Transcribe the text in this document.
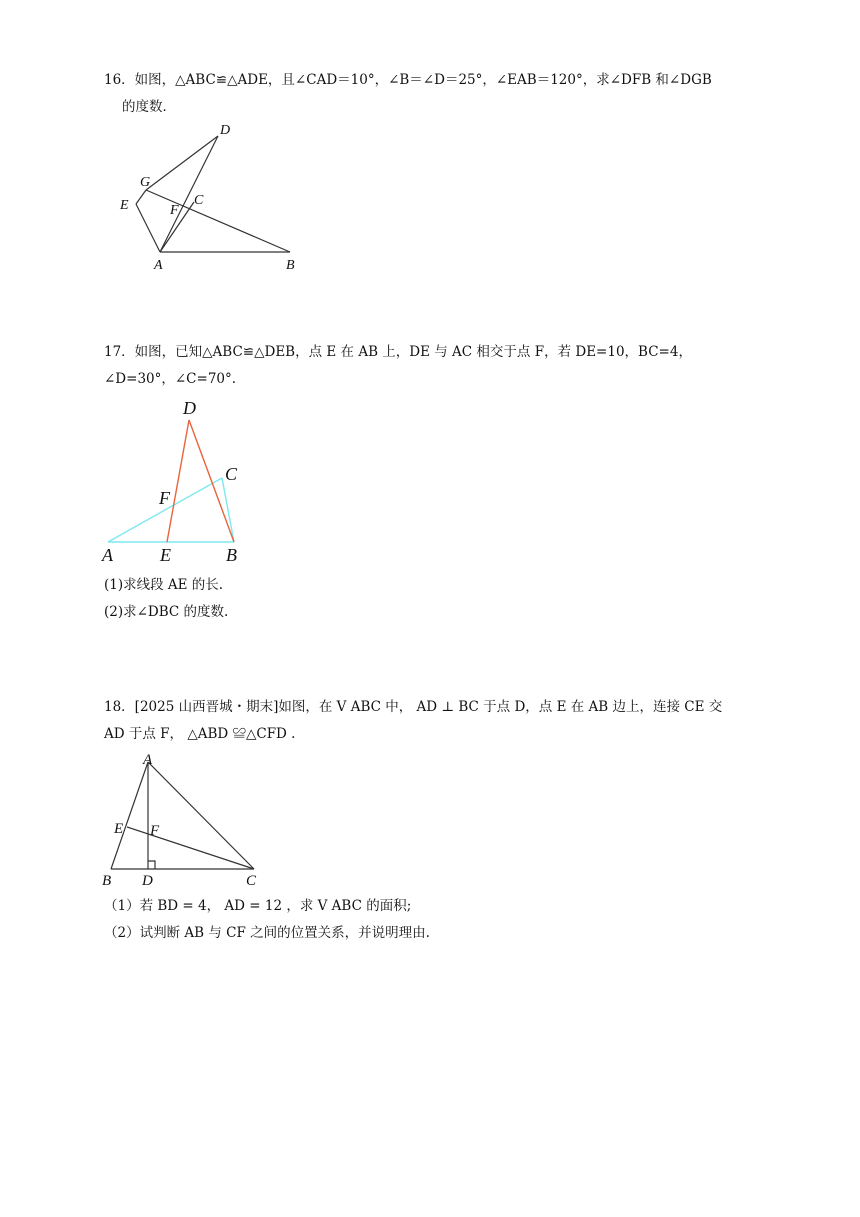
16．如图，△ABC≌△ADE，且∠CAD＝10°，∠B＝∠D＝25°，∠EAB＝120°，求∠DFB 和∠DGB
的度数．
D
G
E	F
C
A	B
17．如图，已知△ABC≌△DEB，点 E 在 AB 上，DE 与 AC 相交于点 F，若 DE=10，BC=4，
∠D=30°，∠C=70°.
D
C
F
A	E	B
(1)求线段 AE 的长.
(2)求∠DBC 的度数.
18．[2025 山西晋城・期末]如图，在 V ABC 中， AD ⊥ BC 于点 D，点 E 在 AB 边上，连接 CE 交
AD 于点 F， △ABD ≌△CFD .
A
E F
B D	C
（1）若 BD = 4， AD = 12 ，求 V ABC 的面积;
（2）试判断 AB 与 CF 之间的位置关系，并说明理由.
